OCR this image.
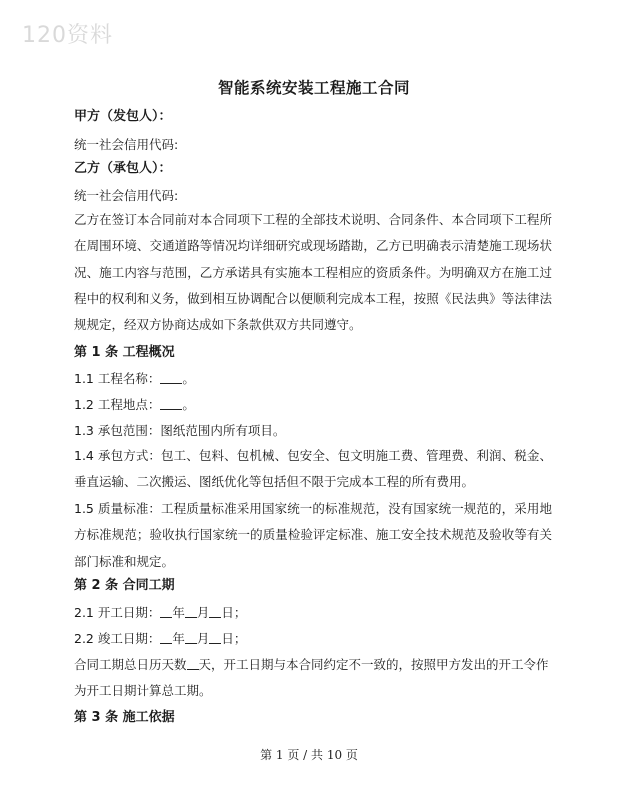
120资料
智能系统安装工程施工合同
甲方（发包人）：
统一社会信用代码:
乙方（承包人）：
统一社会信用代码:
乙方在签订本合同前对本合同项下工程的全部技术说明、合同条件、本合同项下工程所在周围环境、交通道路等情况均详细研究或现场踏勘，乙方已明确表示清楚施工现场状况、施工内容与范围，乙方承诺具有实施本工程相应的资质条件。为明确双方在施工过程中的权利和义务，做到相互协调配合以便顺利完成本工程，按照《民法典》等法律法规规定，经双方协商达成如下条款供双方共同遵守。
第 1 条 工程概况
1.1 工程名称： 。
1.2 工程地点： 。
1.3 承包范围：图纸范围内所有项目。
1.4 承包方式：包工、包料、包机械、包安全、包文明施工费、管理费、利润、税金、垂直运输、二次搬运、图纸优化等包括但不限于完成本工程的所有费用。
1.5 质量标准：工程质量标准采用国家统一的标准规范，没有国家统一规范的，采用地方标准规范；验收执行国家统一的质量检验评定标准、施工安全技术规范及验收等有关部门标准和规定。
第 2 条 合同工期
2.1 开工日期： 年 月 日；
2.2 竣工日期： 年 月 日；
合同工期总日历天数 天，开工日期与本合同约定不一致的，按照甲方发出的开工令作
为开工日期计算总工期。
第 3 条 施工依据
第 1 页 / 共 10 页
